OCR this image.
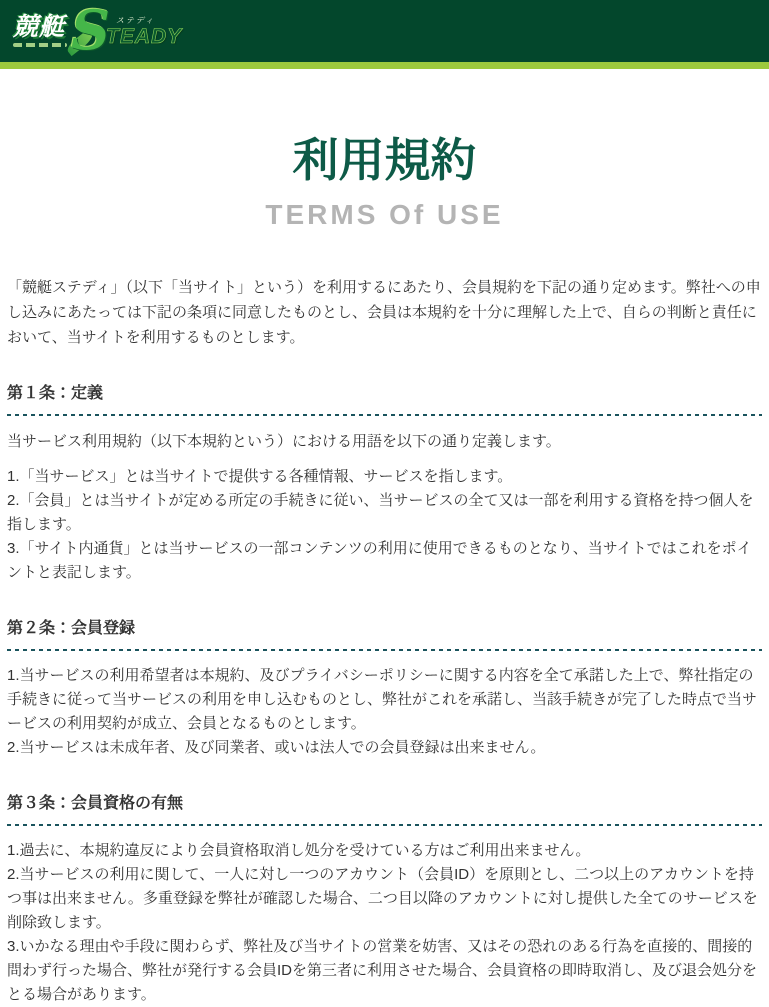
競艇 S ステディ
TEADY
利用規約
TERMS Of USE

「競艇ステディ」（以下「当サイト」という）を利用するにあたり、会員規約を下記の通り定めます。弊社への申し込みにあたっては下記の条項に同意したものとし、会員は本規約を十分に理解した上で、自らの判断と責任において、当サイトを利用するものとします。

第１条：定義

当サービス利用規約（以下本規約という）における用語を以下の通り定義します。

1.「当サービス」とは当サイトで提供する各種情報、サービスを指します。

2.「会員」とは当サイトが定める所定の手続きに従い、当サービスの全て又は一部を利用する資格を持つ個人を指します。

3.「サイト内通貨」とは当サービスの一部コンテンツの利用に使用できるものとなり、当サイトではこれをポイントと表記します。

第２条：会員登録

1.当サービスの利用希望者は本規約、及びプライバシーポリシーに関する内容を全て承諾した上で、弊社指定の手続きに従って当サービスの利用を申し込むものとし、弊社がこれを承諾し、当該手続きが完了した時点で当サービスの利用契約が成立、会員となるものとします。

2.当サービスは未成年者、及び同業者、或いは法人での会員登録は出来ません。

第３条：会員資格の有無

1.過去に、本規約違反により会員資格取消し処分を受けている方はご利用出来ません。

2.当サービスの利用に関して、一人に対し一つのアカウント（会員ID）を原則とし、二つ以上のアカウントを持つ事は出来ません。多重登録を弊社が確認した場合、二つ目以降のアカウントに対し提供した全てのサービスを削除致します。

3.いかなる理由や手段に関わらず、弊社及び当サイトの営業を妨害、又はその恐れのある行為を直接的、間接的問わず行った場合、弊社が発行する会員IDを第三者に利用させた場合、会員資格の即時取消し、及び退会処分をとる場合があります。
